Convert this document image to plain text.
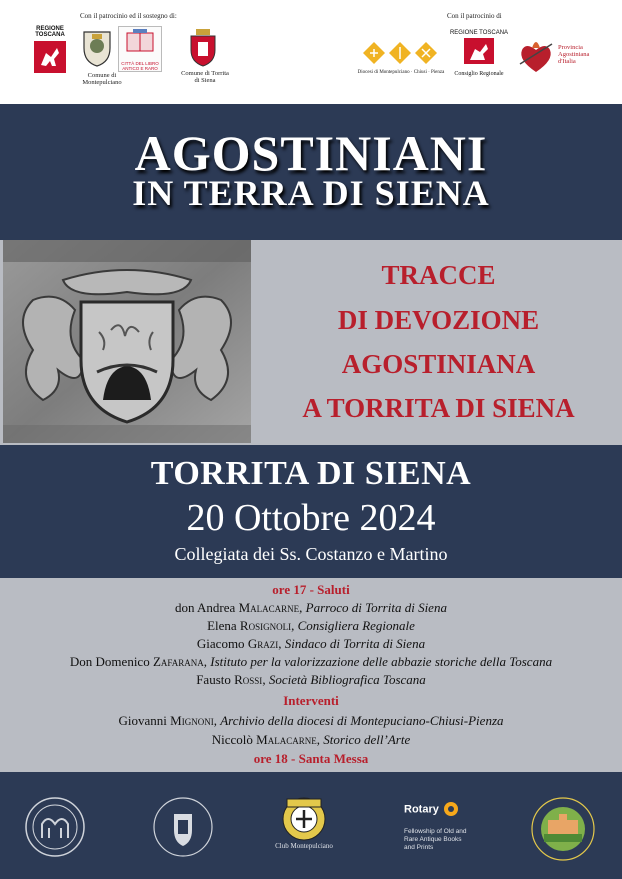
Con il patrocinio ed il sostegno di:	Con il patrocinio di
REGIONE TOSCANA
Comune di Montepulciano
CITTÀ DEL LIBRO ANTICO E RARO
Comune di Torrita di Siena
Diocesi di Montepulciano · Chiusi · Pienza
REGIONE TOSCANA
Consiglio Regionale
Provincia Agostiniana d'Italia
AGOSTINIANI
IN TERRA DI SIENA
TRACCE
DI DEVOZIONE
AGOSTINIANA
A TORRITA DI SIENA
TORRITA DI SIENA
20 Ottobre 2024
Collegiata dei Ss. Costanzo e Martino
ore 17 - Saluti
don Andrea Malacarne, Parroco di Torrita di Siena
Elena Rosignoli, Consigliera Regionale
Giacomo Grazi, Sindaco di Torrita di Siena
Don Domenico Zafarana, Istituto per la valorizzazione delle abbazie storiche della Toscana
Fausto Rossi, Società Bibliografica Toscana
Interventi
Giovanni Mignoni, Archivio della diocesi di Montepuciano-Chiusi-Pienza
Niccolò Malacarne, Storico dell’Arte
ore 18 - Santa Messa
Club Montepulciano
Rotary
Fellowship of Old and Rare Antique Books and Prints
